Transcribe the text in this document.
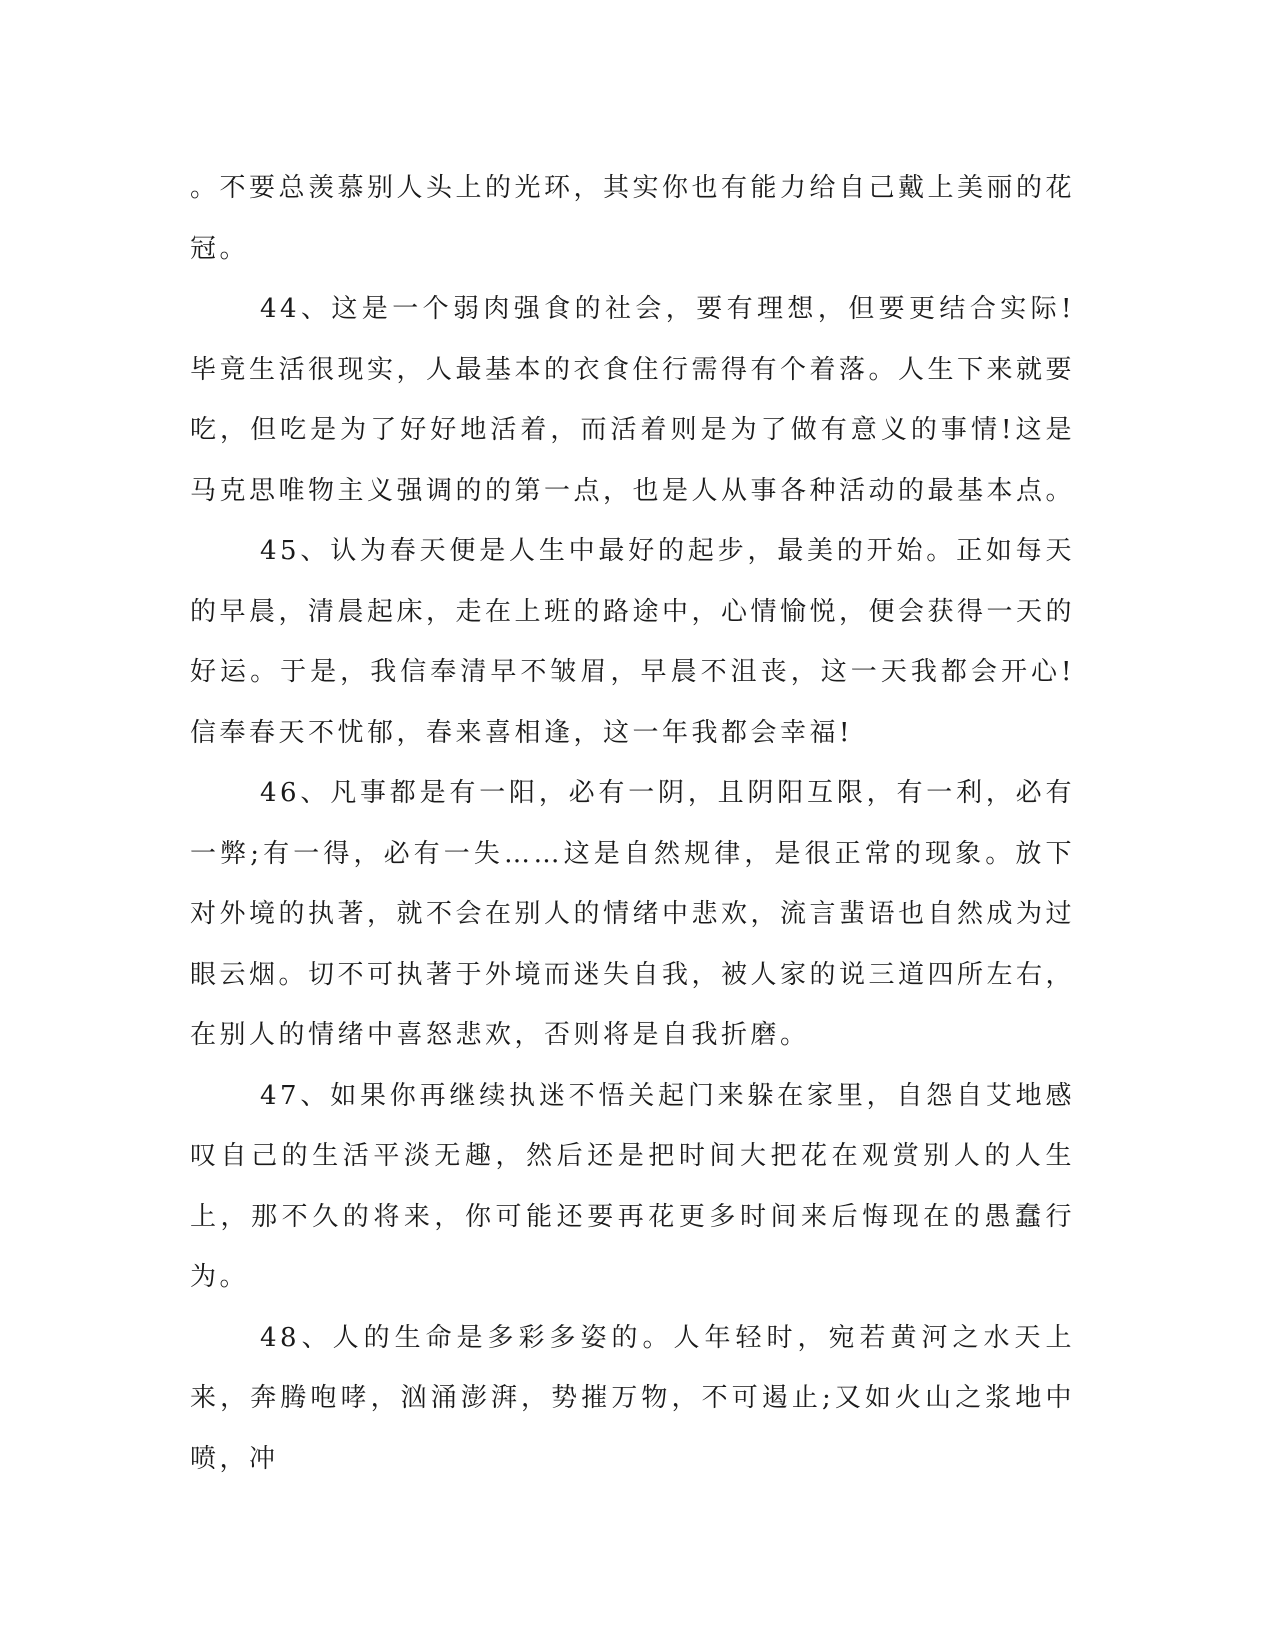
。不要总羡慕别人头上的光环，其实你也有能力给自己戴上美丽的花冠。

44、这是一个弱肉强食的社会，要有理想，但要更结合实际!毕竟生活很现实，人最基本的衣食住行需得有个着落。人生下来就要吃，但吃是为了好好地活着，而活着则是为了做有意义的事情!这是马克思唯物主义强调的的第一点，也是人从事各种活动的最基本点。

45、认为春天便是人生中最好的起步，最美的开始。正如每天的早晨，清晨起床，走在上班的路途中，心情愉悦，便会获得一天的好运。于是，我信奉清早不皱眉，早晨不沮丧，这一天我都会开心!信奉春天不忧郁，春来喜相逢，这一年我都会幸福!

46、凡事都是有一阳，必有一阴，且阴阳互限，有一利，必有一弊;有一得，必有一失……这是自然规律，是很正常的现象。放下对外境的执著，就不会在别人的情绪中悲欢，流言蜚语也自然成为过眼云烟。切不可执著于外境而迷失自我，被人家的说三道四所左右，在别人的情绪中喜怒悲欢，否则将是自我折磨。

47、如果你再继续执迷不悟关起门来躲在家里，自怨自艾地感叹自己的生活平淡无趣，然后还是把时间大把花在观赏别人的人生上，那不久的将来，你可能还要再花更多时间来后悔现在的愚蠢行为。

48、人的生命是多彩多姿的。人年轻时，宛若黄河之水天上来，奔腾咆哮，汹涌澎湃，势摧万物，不可遏止;又如火山之浆地中喷，冲
